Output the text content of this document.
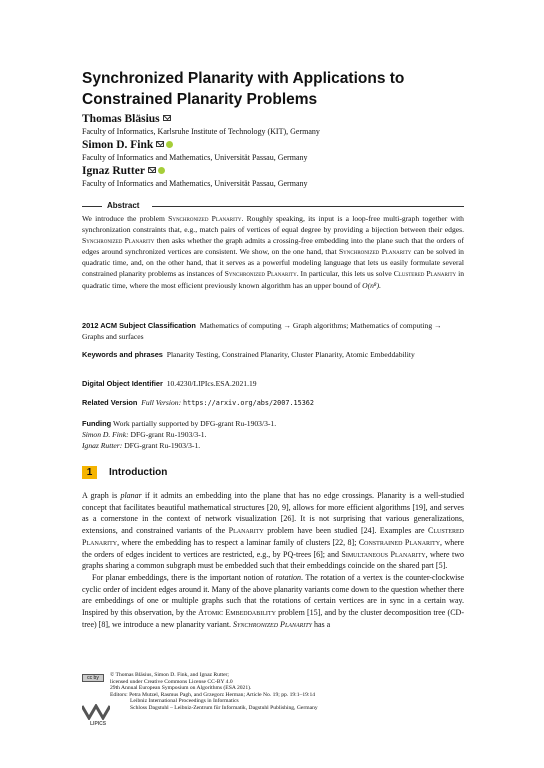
Synchronized Planarity with Applications to
Constrained Planarity Problems
Thomas Bläsius
Faculty of Informatics, Karlsruhe Institute of Technology (KIT), Germany
Simon D. Fink
Faculty of Informatics and Mathematics, Universität Passau, Germany
Ignaz Rutter
Faculty of Informatics and Mathematics, Universität Passau, Germany
Abstract
We introduce the problem Synchronized Planarity. Roughly speaking, its input is a loop-free multi-graph together with synchronization constraints that, e.g., match pairs of vertices of equal degree by providing a bijection between their edges. Synchronized Planarity then asks whether the graph admits a crossing-free embedding into the plane such that the orders of edges around synchronized vertices are consistent. We show, on the one hand, that Synchronized Planarity can be solved in quadratic time, and, on the other hand, that it serves as a powerful modeling language that lets us easily formulate several constrained planarity problems as instances of Synchronized Planarity. In particular, this lets us solve Clustered Planarity in quadratic time, where the most efficient previously known algorithm has an upper bound of O(n⁸).
2012 ACM Subject Classification Mathematics of computing → Graph algorithms; Mathematics of computing → Graphs and surfaces
Keywords and phrases Planarity Testing, Constrained Planarity, Cluster Planarity, Atomic Embeddability
Digital Object Identifier 10.4230/LIPIcs.ESA.2021.19
Related Version Full Version: https://arxiv.org/abs/2007.15362
Funding Work partially supported by DFG-grant Ru-1903/3-1.
Simon D. Fink: DFG-grant Ru-1903/3-1.
Ignaz Rutter: DFG-grant Ru-1903/3-1.
1	Introduction

A graph is planar if it admits an embedding into the plane that has no edge crossings. Planarity is a well-studied concept that facilitates beautiful mathematical structures [20, 9], allows for more efficient algorithms [19], and serves as a cornerstone in the context of network visualization [26]. It is not surprising that various generalizations, extensions, and constrained variants of the Planarity problem have been studied [24]. Examples are Clustered Planarity, where the embedding has to respect a laminar family of clusters [22, 8]; Constrained Planarity, where the orders of edges incident to vertices are restricted, e.g., by PQ-trees [6]; and Simultaneous Planarity, where two graphs sharing a common subgraph must be embedded such that their embeddings coincide on the shared part [5].

For planar embeddings, there is the important notion of rotation. The rotation of a vertex is the counter-clockwise cyclic order of incident edges around it. Many of the above planarity variants come down to the question whether there are embeddings of one or multiple graphs such that the rotations of certain vertices are in sync in a certain way. Inspired by this observation, by the Atomic Embeddability problem [15], and by the cluster decomposition tree (CD-tree) [8], we introduce a new planarity variant. Synchronized Planarity has a

cc by	© Thomas Bläsius, Simon D. Fink, and Ignaz Rutter;
licensed under Creative Commons License CC-BY 4.0
29th Annual European Symposium on Algorithms (ESA 2021).
Editors: Petra Mutzel, Rasmus Pagh, and Grzegorz Herman; Article No. 19; pp. 19:1–19:14
Leibniz International Proceedings in Informatics
Schloss Dagstuhl – Leibniz-Zentrum für Informatik, Dagstuhl Publishing, Germany
LIPICS
